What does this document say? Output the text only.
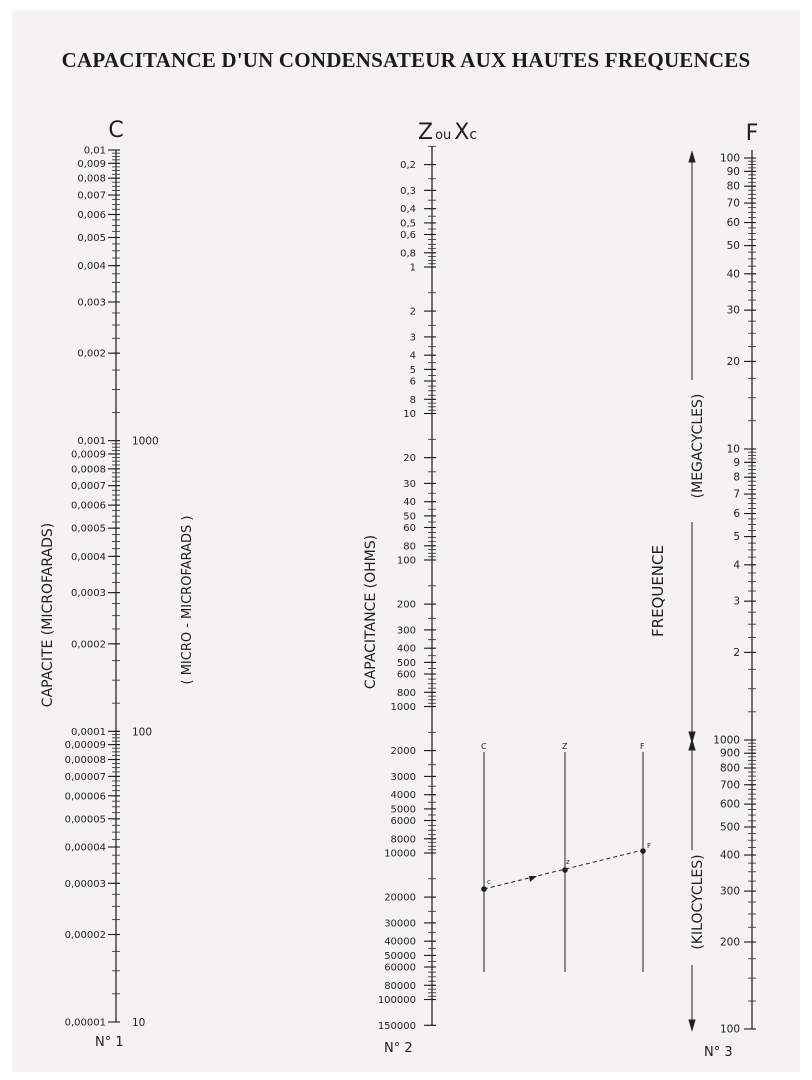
CAPACITANCE D'UN CONDENSATEUR AUX HAUTES FREQUENCES
C	Zou Xc	F
N° 1	N° 2	N° 3
CAPACITE (MICROFARADS)	( MICRO - MICROFARADS )	CAPACITANCE (OHMS)	FREQUENCE
(MEGACYCLES)
(KILOCYCLES)
0,01
0,009
0,008
0,007
0,006
0,005
0,004
0,003
0,002
0,001
0,0009
0,0008
0,0007
0,0006
0,0005
0,0004
0,0003
0,0002
0,0001
0,00009
0,00008
0,00007
0,00006
0,00005
0,00004
0,00003
0,00002
0,00001
1000
100
10
0,2
0,3
0,4
0,5
0,6
0,8
1
2
3
4
5
6
8
10
20
30
40
50
60
80
100
200
300
400
500
600
800
1000
2000
3000
4000
5000
6000
8000
10000
20000
30000
40000
50000
60000
80000
100000
150000
100
90
80
70
60
50
40
30
20
10
9
8
7
6
5
4
3
2
1000
900
800
700
600
500
400
300
200
100
C	Z	F
c
z
F
